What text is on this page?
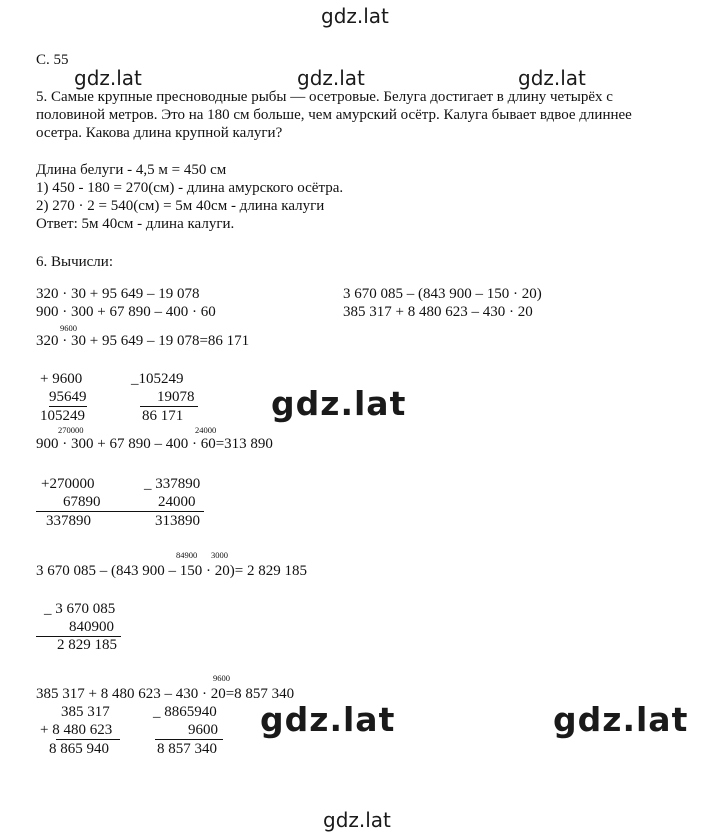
gdz.lat
gdz.lat	gdz.lat	gdz.lat
С. 55
5. Самые крупные пресноводные рыбы — осетровые. Белуга достигает в длину четырёх с
половиной метров. Это на 180 см больше, чем амурский осётр. Калуга бывает вдвое длиннее
осетра. Какова длина крупной калуги?
Длина белуги - 4,5 м = 450 см
1) 450 - 180 = 270(см) - длина амурского осётра.
2) 270 · 2 = 540(см) = 5м 40см - длина калуги
Ответ: 5м 40см - длина калуги.
6. Вычисли:
320 · 30 + 95 649 – 19 078
900 · 300 + 67 890 – 400 · 60
3 670 085 – (843 900 – 150 · 20)
385 317 + 8 480 623 – 430 · 20
9600
320 · 30 + 95 649 – 19 078=86 171
+ 9600
95649
105249
_105249
19078
86 171	gdz.lat
270000	24000
900 · 300 + 67 890 – 400 · 60=313 890
+270000
67890
_ 337890
24000
337890	313890
84900 3000
3 670 085 – (843 900 – 150 · 20)= 2 829 185
_ 3 670 085
840900
2 829 185
9600
385 317 + 8 480 623 – 430 · 20=8 857 340
385 317
+ 8 480 623
8 865 940
_ 8865940
9600
8 857 340
gdz.lat	gdz.lat
gdz.lat
